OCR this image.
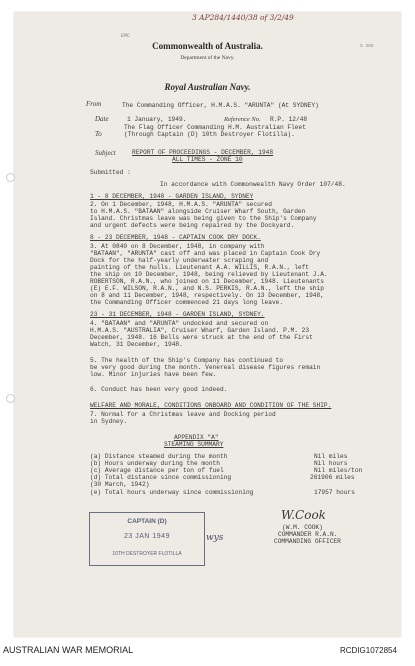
3 AP284/1440/38 of 3/2/49
EMC
S 359
Commonwealth of Australia.
Department of the Navy.
Royal Australian Navy.
From	The Commanding Officer, H.M.A.S. "ARUNTA" (At SYDNEY)
Date	1 January, 1949.	Reference No. R.P. 12/48
The Flag Officer Commanding H.M. Australian Fleet
To	(Through Captain (D) 10th Destroyer Flotilla).
Subject	REPORT OF PROCEEDINGS - DECEMBER, 1948
ALL TIMES - ZONE 10
Submitted :
In accordance with Commonwealth Navy Order 107/48.
1 - 8 DECEMBER, 1948 - GARDEN ISLAND, SYDNEY
2. On 1 December, 1948, H.M.A.S. "ARUNTA" secured
to H.M.A.S. "BATAAN" alongside Cruiser Wharf South, Garden
Island. Christmas leave was being given to the Ship's Company
and urgent defects were being repaired by the Dockyard.
8 - 23 DECEMBER, 1948 - CAPTAIN COOK DRY DOCK.
3. At 0840 on 8 December, 1948, in company with
"BATAAN", "ARUNTA" cast off and was placed in Captain Cook Dry
Dock for the half-yearly underwater scraping and
painting of the hulls. Lieutenant A.A. WILLIS, R.A.N., left
the ship on 10 December, 1948, being relieved by Lieutenant J.A.
ROBERTSON, R.A.N., who joined on 11 December, 1948. Lieutenants
(E) E.F. WILSON, R.A.N., and N.S. PERKIS, R.A.N., left the ship
on 8 and 11 December, 1948, respectively. On 13 December, 1948,
the Commanding Officer commenced 21 days long leave.
23 - 31 DECEMBER, 1948 - GARDEN ISLAND, SYDNEY.
4. "BATAAN" and "ARUNTA" undocked and secured on
H.M.A.S. "AUSTRALIA", Cruiser Wharf, Garden Island. P.M. 23
December, 1948. 16 Bells were struck at the end of the First
Watch, 31 December, 1948.
5. The health of the Ship's Company has continued to
be very good during the month. Venereal disease figures remain
low. Minor injuries have been few.
6. Conduct has been very good indeed.
WELFARE AND MORALE, CONDITIONS ONBOARD AND CONDITION OF THE SHIP.
7. Normal for a Christmas leave and Docking period
in Sydney.
APPENDIX "A"
STEAMING SUMMARY
(a) Distance steamed during the month	Nil miles
(b) Hours underway during the month	Nil hours
(c) Average distance per ton of fuel	Nil miles/ton
(d) Total distance since commissioning	261906 miles
(30 March, 1942)
(e) Total hours underway since commissioning	17957 hours
CAPTAIN (D)
23 JAN 1949
10TH DESTROYER FLOTILLA
wys
W.Cook
(W.M. COOK)
COMMANDER R.A.N.
COMMANDING OFFICER
AUSTRALIAN WAR MEMORIAL	RCDIG1072854
